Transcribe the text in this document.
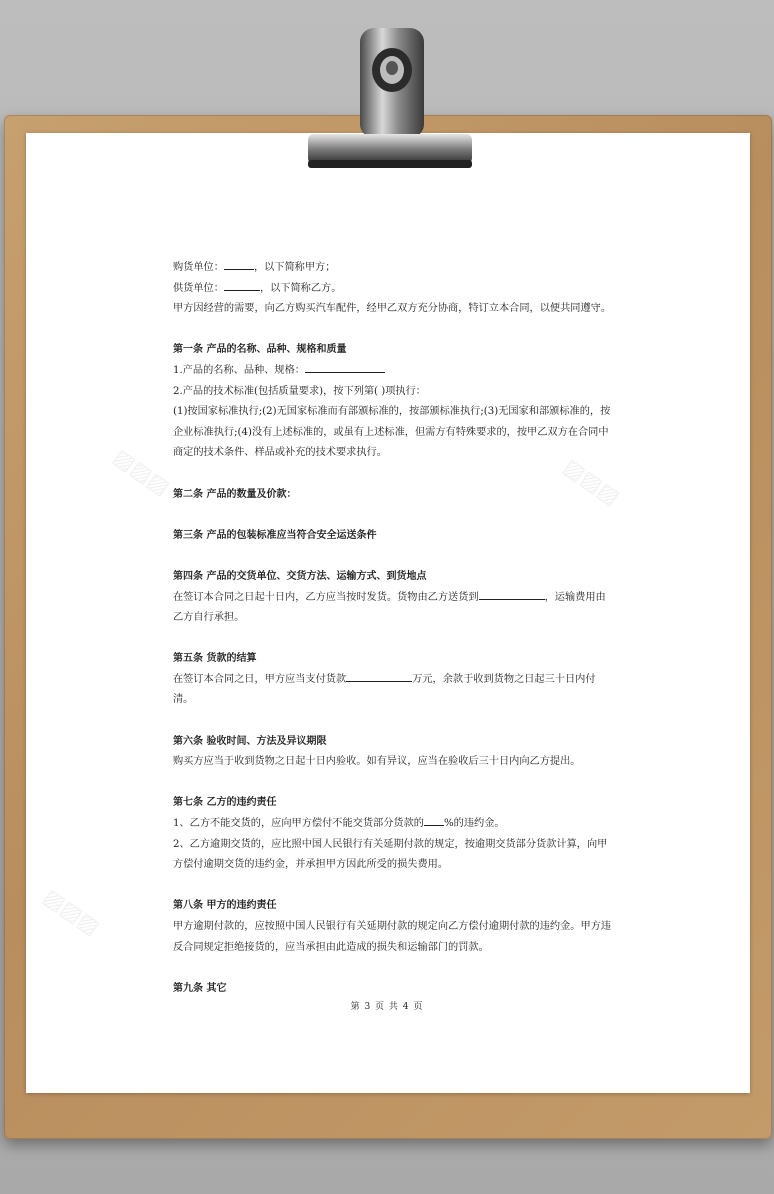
▨▨▨	▨▨▨
▨▨▨

购货单位：	，以下简称甲方；

供货单位：	，以下简称乙方。

甲方因经营的需要，向乙方购买汽车配件，经甲乙双方充分协商，特订立本合同，以便共同遵守。

第一条 产品的名称、品种、规格和质量

1.产品的名称、品种、规格：

2.产品的技术标准(包括质量要求)，按下列第( )项执行：

(1)按国家标准执行;(2)无国家标准而有部颁标准的，按部颁标准执行;(3)无国家和部颁标准的，按企业标准执行;(4)没有上述标准的，或虽有上述标准，但需方有特殊要求的，按甲乙双方在合同中商定的技术条件、样品或补充的技术要求执行。

第二条 产品的数量及价款：

第三条 产品的包装标准应当符合安全运送条件

第四条 产品的交货单位、交货方法、运输方式、到货地点

在签订本合同之日起十日内，乙方应当按时发货。货物由乙方送货到	，运输费用由乙方自行承担。

第五条 货款的结算

在签订本合同之日，甲方应当支付货款	万元，余款于收到货物之日起三十日内付清。

第六条 验收时间、方法及异议期限

购买方应当于收到货物之日起十日内验收。如有异议，应当在验收后三十日内向乙方提出。

第七条 乙方的违约责任

1、乙方不能交货的，应向甲方偿付不能交货部分货款的 %的违约金。

2、乙方逾期交货的，应比照中国人民银行有关延期付款的规定，按逾期交货部分货款计算，向甲方偿付逾期交货的违约金，并承担甲方因此所受的损失费用。

第八条 甲方的违约责任

甲方逾期付款的，应按照中国人民银行有关延期付款的规定向乙方偿付逾期付款的违约金。甲方违反合同规定拒绝接货的，应当承担由此造成的损失和运输部门的罚款。

第九条 其它

第 3 页 共 4 页
